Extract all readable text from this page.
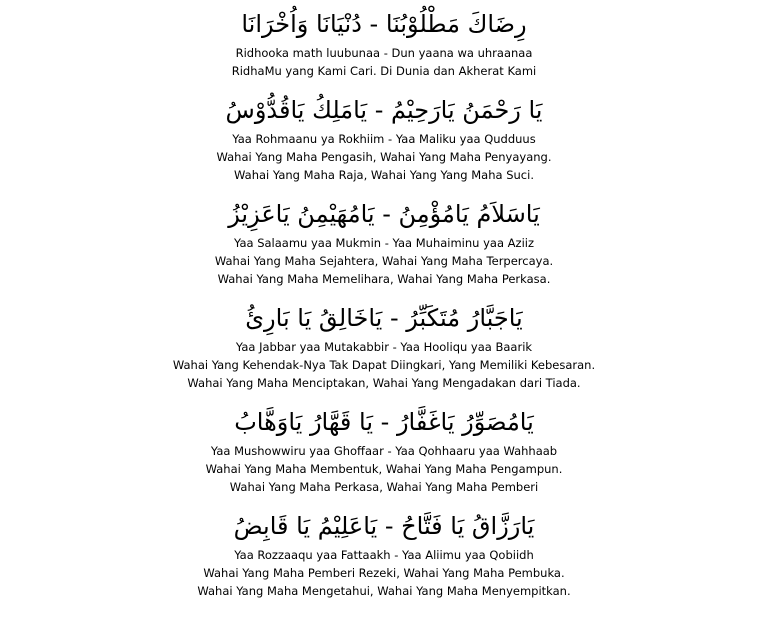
رِضَاكَ مَطْلُوْبُنَا - دُنْيَانَا وَاُخْرَانَا
Ridhooka math luubunaa - Dun yaana wa uhraanaa
RidhaMu yang Kami Cari. Di Dunia dan Akherat Kami
يَا رَحْمَنُ يَارَحِيْمُ - يَامَلِكُ يَاقُدُّوْسُ
Yaa Rohmaanu ya Rokhiim - Yaa Maliku yaa Qudduus
Wahai Yang Maha Pengasih, Wahai Yang Maha Penyayang.
Wahai Yang Maha Raja, Wahai Yang Yang Maha Suci.
يَاسَلاَمُ يَامُؤْمِنُ - يَامُهَيْمِنُ يَاعَزِيْزُ
Yaa Salaamu yaa Mukmin - Yaa Muhaiminu yaa Aziiz
Wahai Yang Maha Sejahtera, Wahai Yang Maha Terpercaya.
Wahai Yang Maha Memelihara, Wahai Yang Maha Perkasa.
يَاجَبَّارُ مُتَكَبِّرُ - يَاخَالِقُ يَا بَارِئُ
Yaa Jabbar yaa Mutakabbir - Yaa Hooliqu yaa Baarik
Wahai Yang Kehendak-Nya Tak Dapat Diingkari, Yang Memiliki Kebesaran.
Wahai Yang Maha Menciptakan, Wahai Yang Mengadakan dari Tiada.
يَامُصَوِّرُ يَاغَفَّارُ - يَا قَهَّارُ يَاوَهَّابُ
Yaa Mushowwiru yaa Ghoffaar - Yaa Qohhaaru yaa Wahhaab
Wahai Yang Maha Membentuk, Wahai Yang Maha Pengampun.
Wahai Yang Maha Perkasa, Wahai Yang Maha Pemberi
يَارَزَّاقُ يَا فَتَّاحُ - يَاعَلِيْمُ يَا قَابِضُ
Yaa Rozzaaqu yaa Fattaakh - Yaa Aliimu yaa Qobiidh
Wahai Yang Maha Pemberi Rezeki, Wahai Yang Maha Pembuka.
Wahai Yang Maha Mengetahui, Wahai Yang Maha Menyempitkan.
